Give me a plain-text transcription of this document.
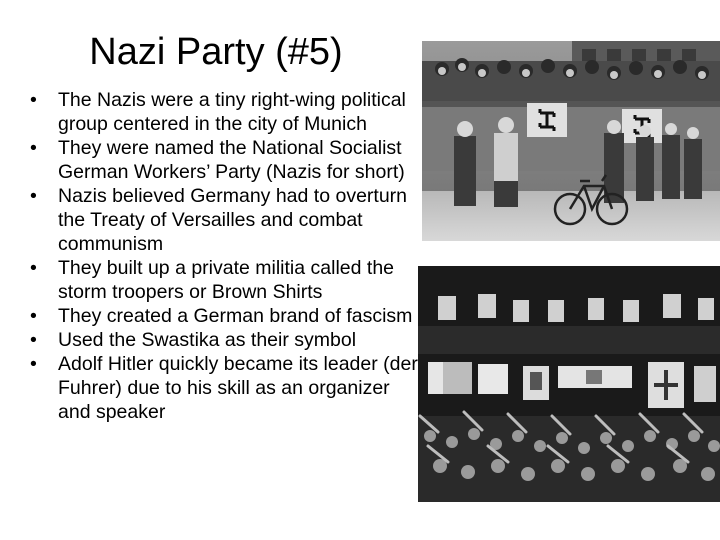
Nazi Party (#5)
•	The Nazis were a tiny right-wing political group centered in the city of Munich
•	They were named the National Socialist German Workers’ Party (Nazis for short)
•	Nazis believed Germany had to overturn the Treaty of Versailles and combat communism
•	They built up a private militia called the storm troopers or Brown Shirts
•	They created a German brand of fascism
•	Used the Swastika as their symbol
•	Adolf Hitler quickly became its leader (der Fuhrer) due to his skill as an organizer and speaker
